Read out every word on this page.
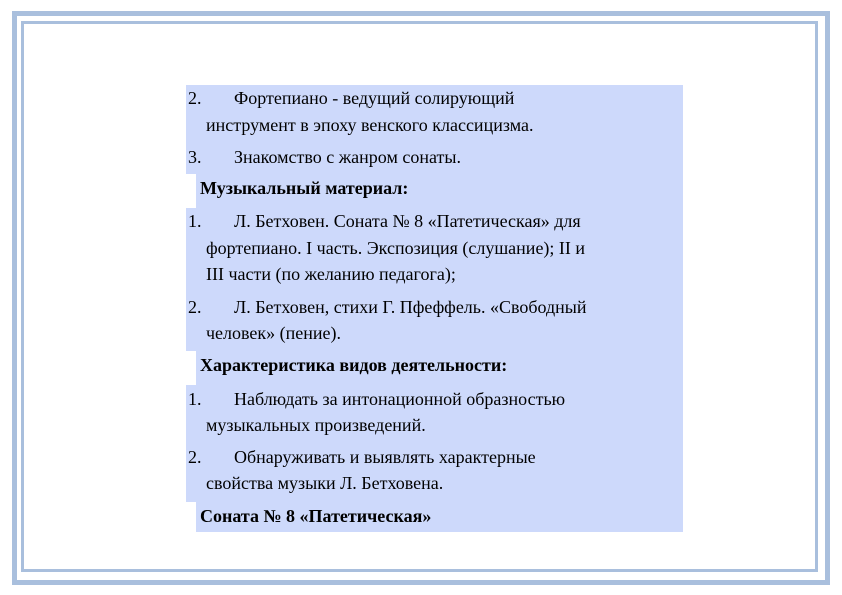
2. Фортепиано - ведущий солирующий
инструмент в эпоху венского классицизма.
3. Знакомство с жанром сонаты.
Музыкальный материал:
1. Л. Бетховен. Соната № 8 «Патетическая» для
фортепиано. I часть. Экспозиция (слушание); II и
III части (по желанию педагога);
2. Л. Бетховен, стихи Г. Пфеффель. «Свободный
человек» (пение).
Характеристика видов деятельности:
1. Наблюдать за интонационной образностью
музыкальных произведений.
2. Обнаруживать и выявлять характерные
свойства музыки Л. Бетховена.
Соната № 8 «Патетическая»
